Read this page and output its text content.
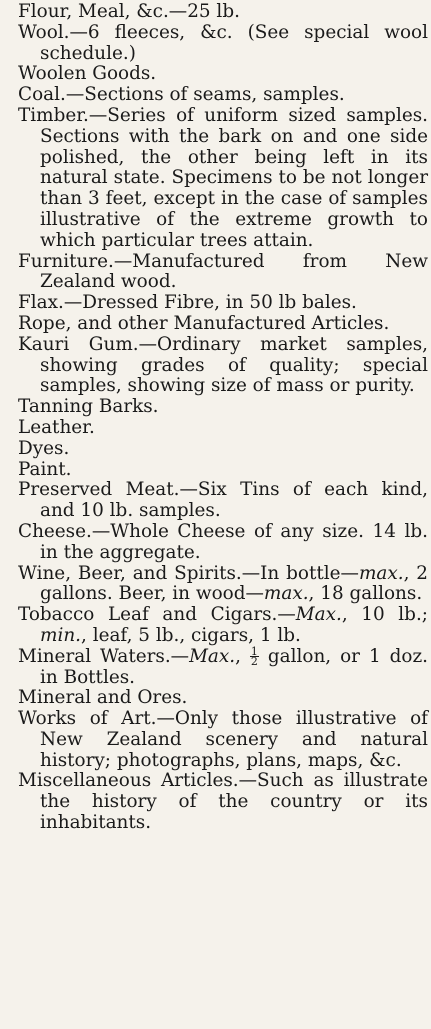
Flour, Meal, &c.—25 lb.

Wool.—6 fleeces, &c. (See special wool schedule.)

Woolen Goods.

Coal.—Sections of seams, samples.

Timber.—Series of uniform sized samples. Sections with the bark on and one side polished, the other being left in its natural state. Specimens to be not longer than 3 feet, except in the case of samples illustrative of the extreme growth to which particular trees attain.

Furniture.—Manufactured from New Zealand wood.

Flax.—Dressed Fibre, in 50 lb bales.

Rope, and other Manufactured Articles.

Kauri Gum.—Ordinary market samples, showing grades of quality; special samples, showing size of mass or purity.

Tanning Barks.

Leather.

Dyes.

Paint.

Preserved Meat.—Six Tins of each kind, and 10 lb. samples.

Cheese.—Whole Cheese of any size. 14 lb. in the aggregate.

Wine, Beer, and Spirits.—In bottle—max., 2 gallons. Beer, in wood—max., 18 gallons.

Tobacco Leaf and Cigars.—Max., 10 lb.; min., leaf, 5 lb., cigars, 1 lb.

Mineral Waters.—Max., $\frac{1}{2}$ gallon, or 1 doz. in Bottles.

Mineral and Ores.

Works of Art.—Only those illustrative of New Zealand scenery and natural history; photographs, plans, maps, &c.

Miscellaneous Articles.—Such as illustrate the history of the country or its inhabitants.
